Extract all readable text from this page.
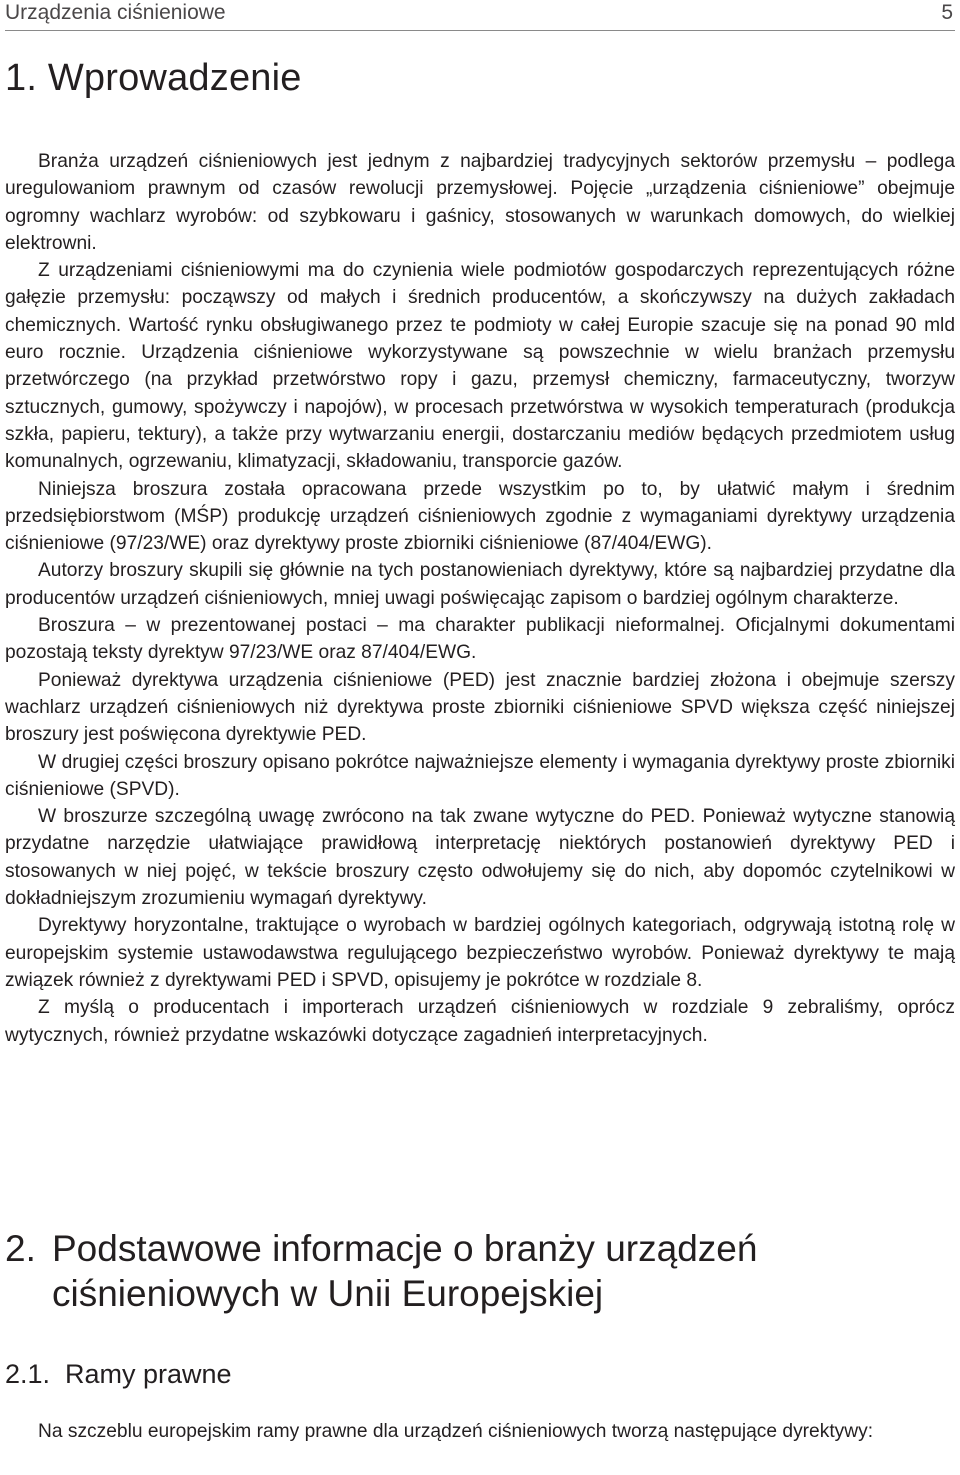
Urządzenia ciśnieniowe	5
1. Wprowadzenie

Branża urządzeń ciśnieniowych jest jednym z najbardziej tradycyjnych sektorów przemysłu – podlega uregulowaniom prawnym od czasów rewolucji przemysłowej. Pojęcie „urządzenia ciśnieniowe” obejmuje ogromny wachlarz wyrobów: od szybkowaru i gaśnicy, stosowanych w warunkach domowych, do wielkiej elektrowni.

Z urządzeniami ciśnieniowymi ma do czynienia wiele podmiotów gospodarczych reprezentujących różne gałęzie przemysłu: począwszy od małych i średnich producentów, a skończywszy na dużych zakładach chemicznych. Wartość rynku obsługiwanego przez te podmioty w całej Europie szacuje się na ponad 90 mld euro rocznie. Urządzenia ciśnieniowe wykorzystywane są powszechnie w wielu branżach przemysłu przetwórczego (na przykład przetwórstwo ropy i gazu, przemysł chemiczny, farmaceutyczny, tworzyw sztucznych, gumowy, spożywczy i napojów), w procesach przetwórstwa w wysokich temperaturach (produkcja szkła, papieru, tektury), a także przy wytwarzaniu energii, dostarczaniu mediów będących przedmiotem usług komunalnych, ogrzewaniu, klimatyzacji, składowaniu, transporcie gazów.

Niniejsza broszura została opracowana przede wszystkim po to, by ułatwić małym i średnim przedsiębiorstwom (MŚP) produkcję urządzeń ciśnieniowych zgodnie z wymaganiami dyrektywy urządzenia ciśnieniowe (97/23/WE) oraz dyrektywy proste zbiorniki ciśnieniowe (87/404/EWG).

Autorzy broszury skupili się głównie na tych postanowieniach dyrektywy, które są najbardziej przydatne dla producentów urządzeń ciśnieniowych, mniej uwagi poświęcając zapisom o bardziej ogólnym charakterze.

Broszura – w prezentowanej postaci – ma charakter publikacji nieformalnej. Oficjalnymi dokumentami pozostają teksty dyrektyw 97/23/WE oraz 87/404/EWG.

Ponieważ dyrektywa urządzenia ciśnieniowe (PED) jest znacznie bardziej złożona i obejmuje szerszy wachlarz urządzeń ciśnieniowych niż dyrektywa proste zbiorniki ciśnieniowe SPVD większa część niniejszej broszury jest poświęcona dyrektywie PED.

W drugiej części broszury opisano pokrótce najważniejsze elementy i wymagania dyrektywy proste zbiorniki ciśnieniowe (SPVD).

W broszurze szczególną uwagę zwrócono na tak zwane wytyczne do PED. Ponieważ wytyczne stanowią przydatne narzędzie ułatwiające prawidłową interpretację niektórych postanowień dyrektywy PED i stosowanych w niej pojęć, w tekście broszury często odwołujemy się do nich, aby dopomóc czytelnikowi w dokładniejszym zrozumieniu wymagań dyrektywy.

Dyrektywy horyzontalne, traktujące o wyrobach w bardziej ogólnych kategoriach, odgrywają istotną rolę w europejskim systemie ustawodawstwa regulującego bezpieczeństwo wyrobów. Ponieważ dyrektywy te mają związek również z dyrektywami PED i SPVD, opisujemy je pokrótce w rozdziale 8.

Z myślą o producentach i importerach urządzeń ciśnieniowych w rozdziale 9 zebraliśmy, oprócz wytycznych, również przydatne wskazówki dotyczące zagadnień interpretacyjnych.

2. Podstawowe informacje o branży urządzeń ciśnieniowych w Unii Europejskiej
2.1. Ramy prawne

Na szczeblu europejskim ramy prawne dla urządzeń ciśnieniowych tworzą następujące dyrektywy:
